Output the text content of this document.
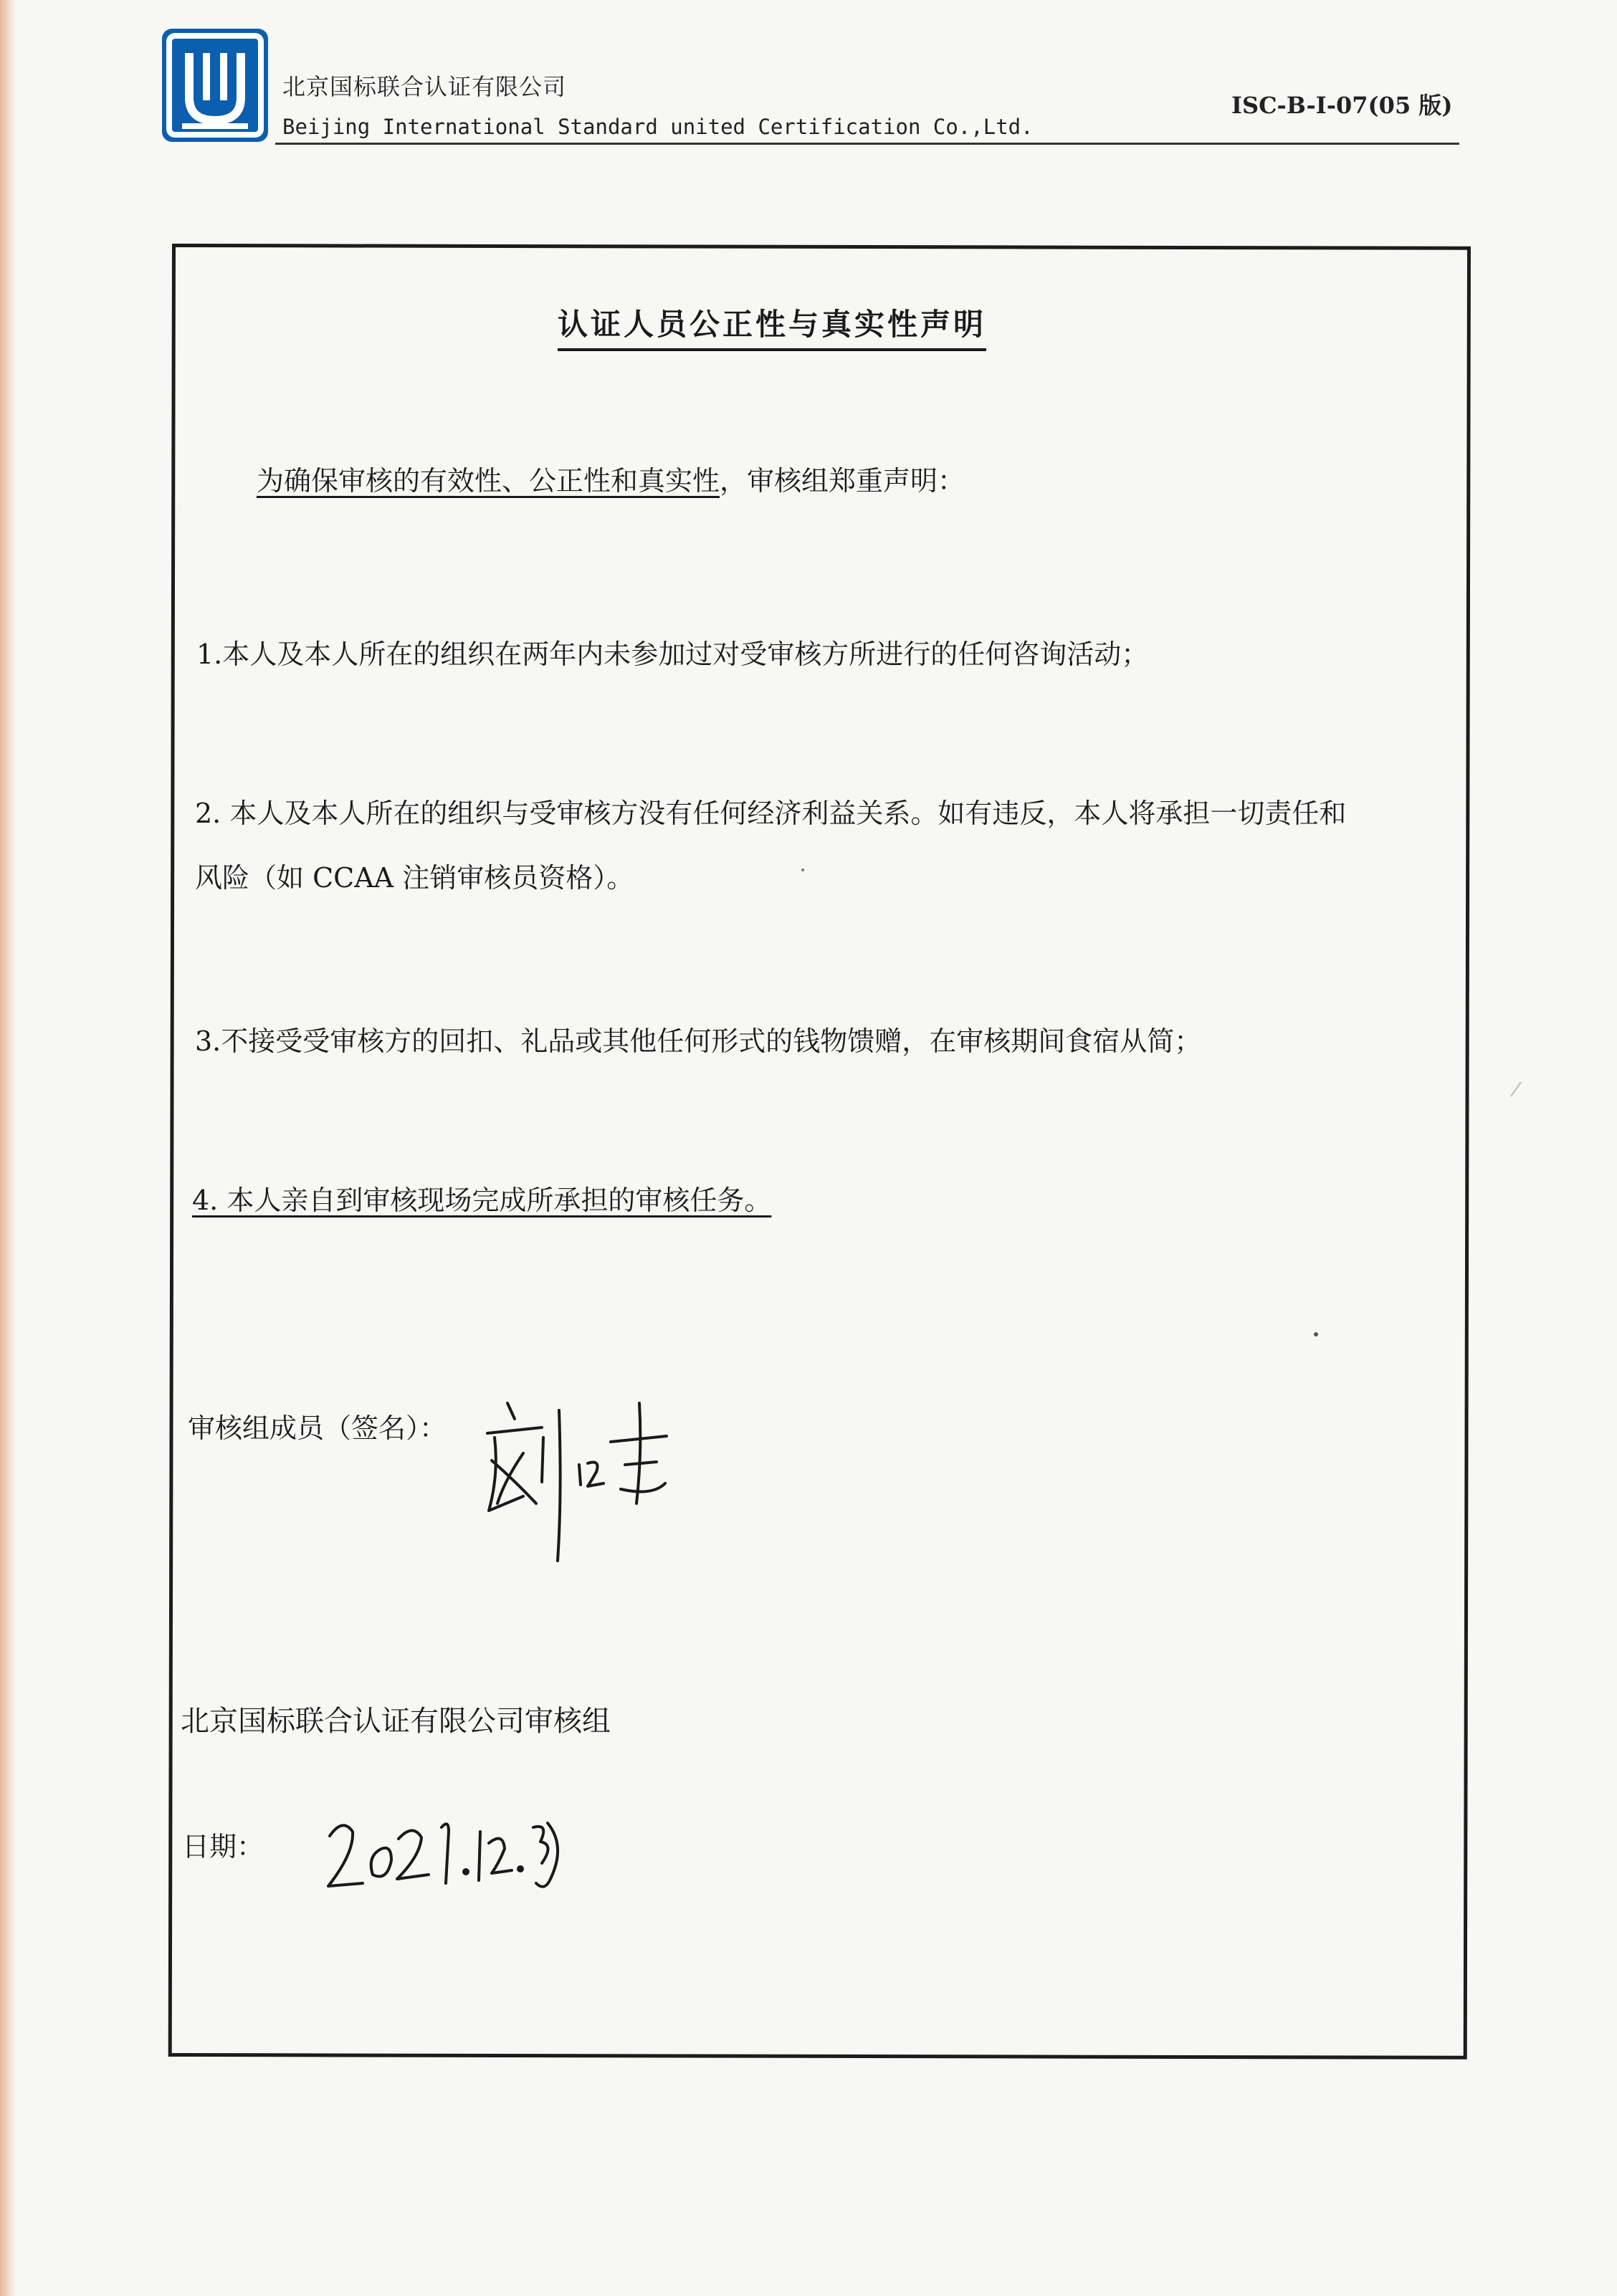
北京国标联合认证有限公司
Beijing International Standard united Certification Co.,Ltd.
ISC-B-I-07(05 版)
认证人员公正性与真实性声明
为确保审核的有效性、公正性和真实性，审核组郑重声明：
1.本人及本人所在的组织在两年内未参加过对受审核方所进行的任何咨询活动；
2. 本人及本人所在的组织与受审核方没有任何经济利益关系。如有违反，本人将承担一切责任和
风险（如 CCAA 注销审核员资格）。
3.不接受受审核方的回扣、礼品或其他任何形式的钱物馈赠，在审核期间食宿从简；
4. 本人亲自到审核现场完成所承担的审核任务。
审核组成员（签名）：
北京国标联合认证有限公司审核组
日期：
